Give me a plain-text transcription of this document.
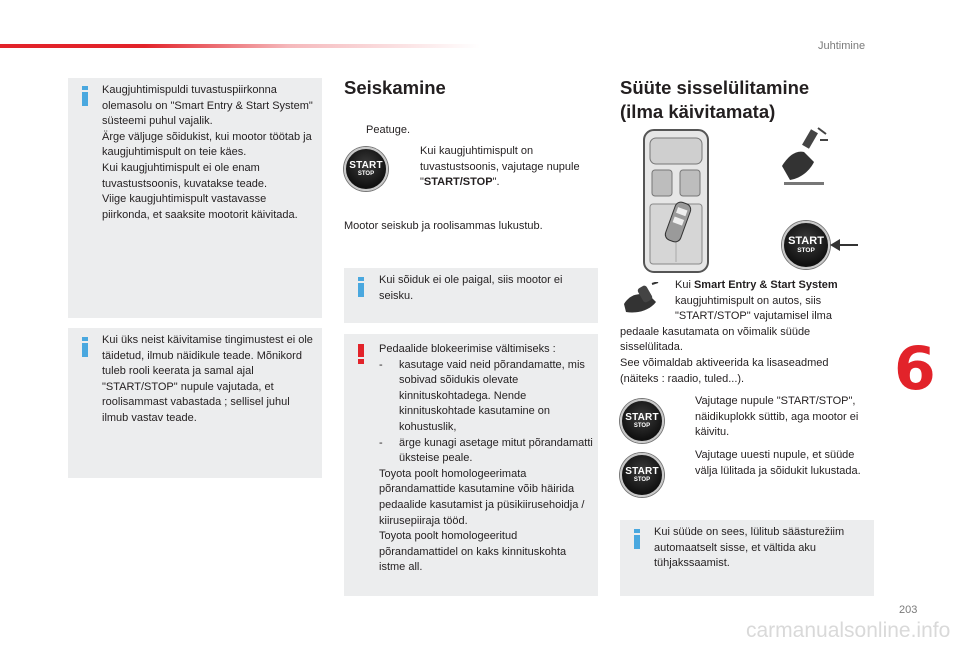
Juhtimine
Kaugjuhtimispuldi tuvastuspiirkonna olemasolu on "Smart Entry & Start System" süsteemi puhul vajalik.
Ärge väljuge sõidukist, kui mootor töötab ja kaugjuhtimispult on teie käes.
Kui kaugjuhtimispult ei ole enam tuvastustsoonis, kuvatakse teade.
Viige kaugjuhtimispult vastavasse piirkonda, et saaksite mootorit käivitada.
Kui üks neist käivitamise tingimustest ei ole täidetud, ilmub näidikule teade. Mõnikord tuleb rooli keerata ja samal ajal "START/STOP" nupule vajutada, et roolisammast vabastada ; sellisel juhul ilmub vastav teade.
Seiskamine
Peatuge.
START
STOP
Kui kaugjuhtimispult on tuvastustsoonis, vajutage nupule "START/STOP".
Mootor seiskub ja roolisammas lukustub.
Kui sõiduk ei ole paigal, siis mootor ei seisku.
Pedaalide blokeerimise vältimiseks :
-	kasutage vaid neid põrandamatte, mis sobivad sõidukis olevate kinnituskohtadega. Nende kinnituskohtade kasutamine on kohustuslik,
-	ärge kunagi asetage mitut põrandamatti üksteise peale.
Toyota poolt homologeerimata põrandamattide kasutamine võib häirida pedaalide kasutamist ja püsikiirusehoidja / kiirusepiiraja tööd.
Toyota poolt homologeeritud põrandamattidel on kaks kinnituskohta istme all.
Süüte sisselülitamine
(ilma käivitamata)
START
STOP
Kui Smart Entry & Start System
kaugjuhtimispult on autos, siis
"START/STOP" vajutamisel ilma
pedaale kasutamata on võimalik süüde sisselülitada.
See võimaldab aktiveerida ka lisaseadmed (näiteks : raadio, tuled...).
START
STOP
Vajutage nupule "START/STOP", näidikuplokk süttib, aga mootor ei käivitu.
START
STOP
Vajutage uuesti nupule, et süüde välja lülitada ja sõidukit lukustada.
Kui süüde on sees, lülitub säästurežiim automaatselt sisse, et vältida aku tühjakssaamist.
6
203
carmanualsonline.info
